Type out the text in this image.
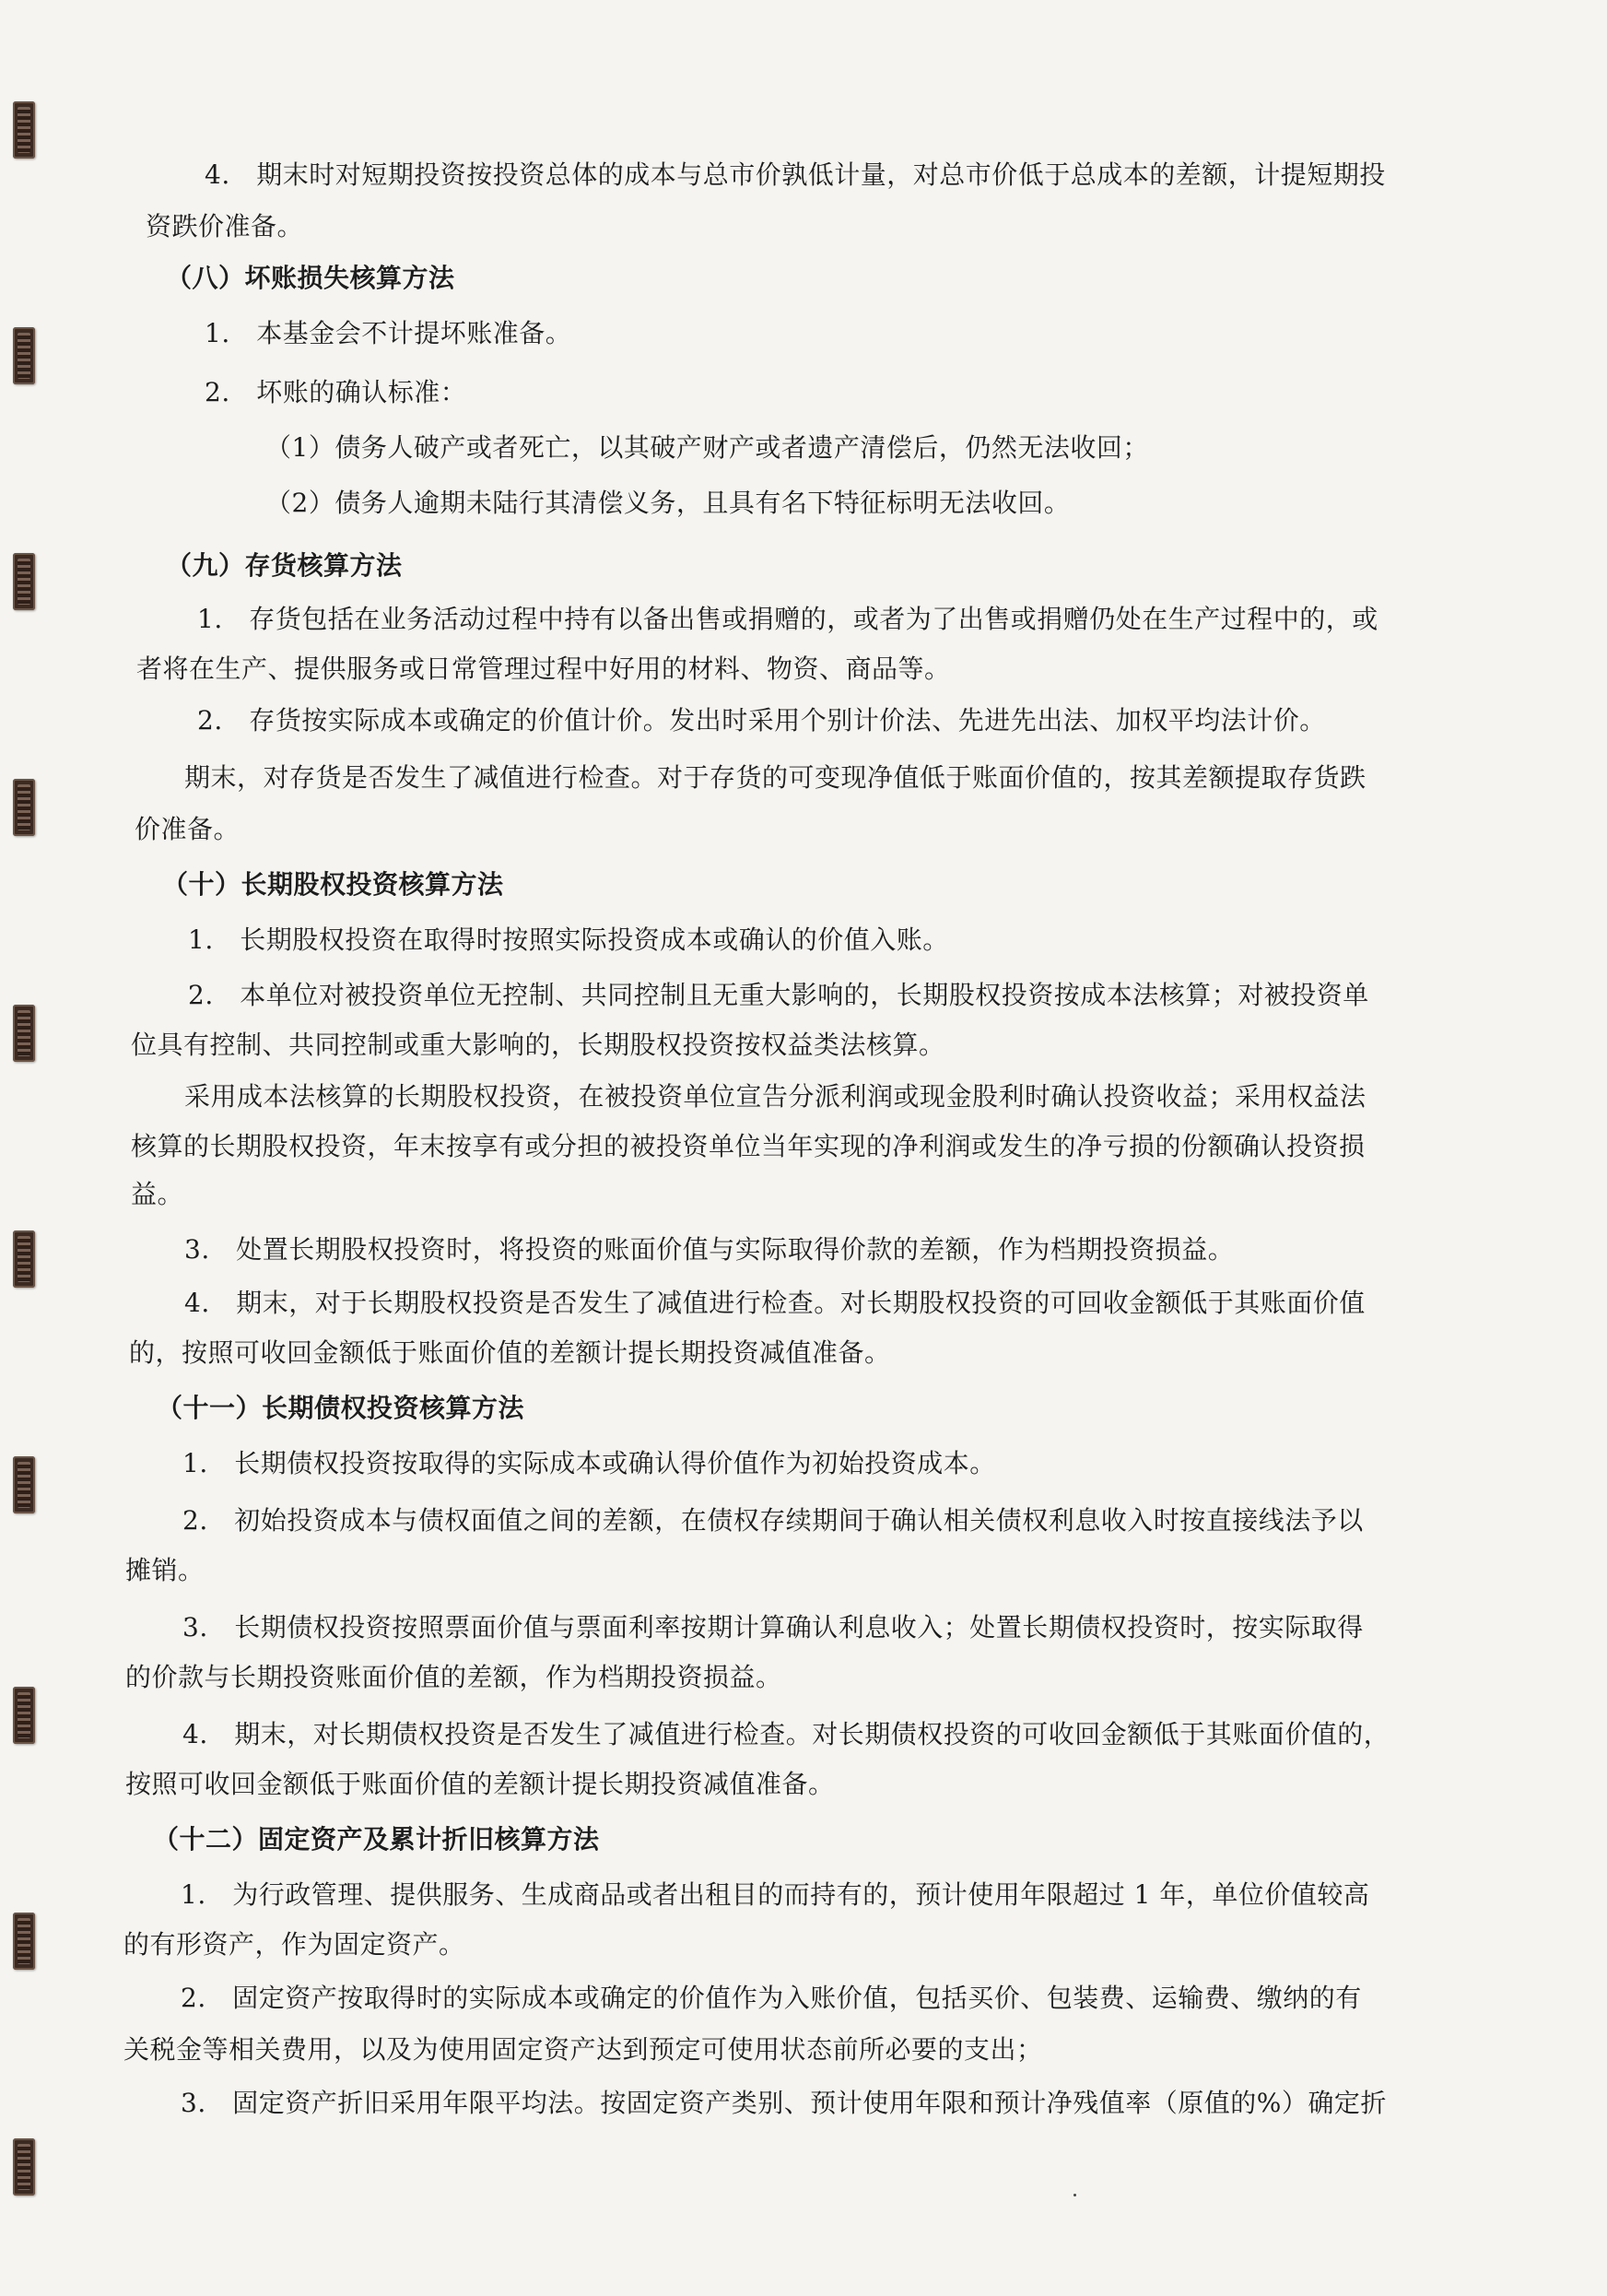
4.　期末时对短期投资按投资总体的成本与总市价孰低计量，对总市价低于总成本的差额，计提短期投
资跌价准备。
（八）坏账损失核算方法
1.　本基金会不计提坏账准备。
2.　坏账的确认标准：
（1）债务人破产或者死亡，以其破产财产或者遗产清偿后，仍然无法收回；
（2）债务人逾期未陆行其清偿义务，且具有名下特征标明无法收回。
（九）存货核算方法
1.　存货包括在业务活动过程中持有以备出售或捐赠的，或者为了出售或捐赠仍处在生产过程中的，或
者将在生产、提供服务或日常管理过程中好用的材料、物资、商品等。
2.　存货按实际成本或确定的价值计价。发出时采用个别计价法、先进先出法、加权平均法计价。
期末，对存货是否发生了减值进行检查。对于存货的可变现净值低于账面价值的，按其差额提取存货跌
价准备。
（十）长期股权投资核算方法
1.　长期股权投资在取得时按照实际投资成本或确认的价值入账。
2.　本单位对被投资单位无控制、共同控制且无重大影响的，长期股权投资按成本法核算；对被投资单
位具有控制、共同控制或重大影响的，长期股权投资按权益类法核算。
采用成本法核算的长期股权投资，在被投资单位宣告分派利润或现金股利时确认投资收益；采用权益法
核算的长期股权投资，年末按享有或分担的被投资单位当年实现的净利润或发生的净亏损的份额确认投资损
益。
3.　处置长期股权投资时，将投资的账面价值与实际取得价款的差额，作为档期投资损益。
4.　期末，对于长期股权投资是否发生了减值进行检查。对长期股权投资的可回收金额低于其账面价值
的，按照可收回金额低于账面价值的差额计提长期投资减值准备。
（十一）长期债权投资核算方法
1.　长期债权投资按取得的实际成本或确认得价值作为初始投资成本。
2.　初始投资成本与债权面值之间的差额，在债权存续期间于确认相关债权利息收入时按直接线法予以
摊销。
3.　长期债权投资按照票面价值与票面利率按期计算确认利息收入；处置长期债权投资时，按实际取得
的价款与长期投资账面价值的差额，作为档期投资损益。
4.　期末，对长期债权投资是否发生了减值进行检查。对长期债权投资的可收回金额低于其账面价值的，
按照可收回金额低于账面价值的差额计提长期投资减值准备。
（十二）固定资产及累计折旧核算方法
1.　为行政管理、提供服务、生成商品或者出租目的而持有的，预计使用年限超过 1 年，单位价值较高
的有形资产，作为固定资产。
2.　固定资产按取得时的实际成本或确定的价值作为入账价值，包括买价、包装费、运输费、缴纳的有
关税金等相关费用，以及为使用固定资产达到预定可使用状态前所必要的支出；
3.　固定资产折旧采用年限平均法。按固定资产类别、预计使用年限和预计净残值率（原值的%）确定折
